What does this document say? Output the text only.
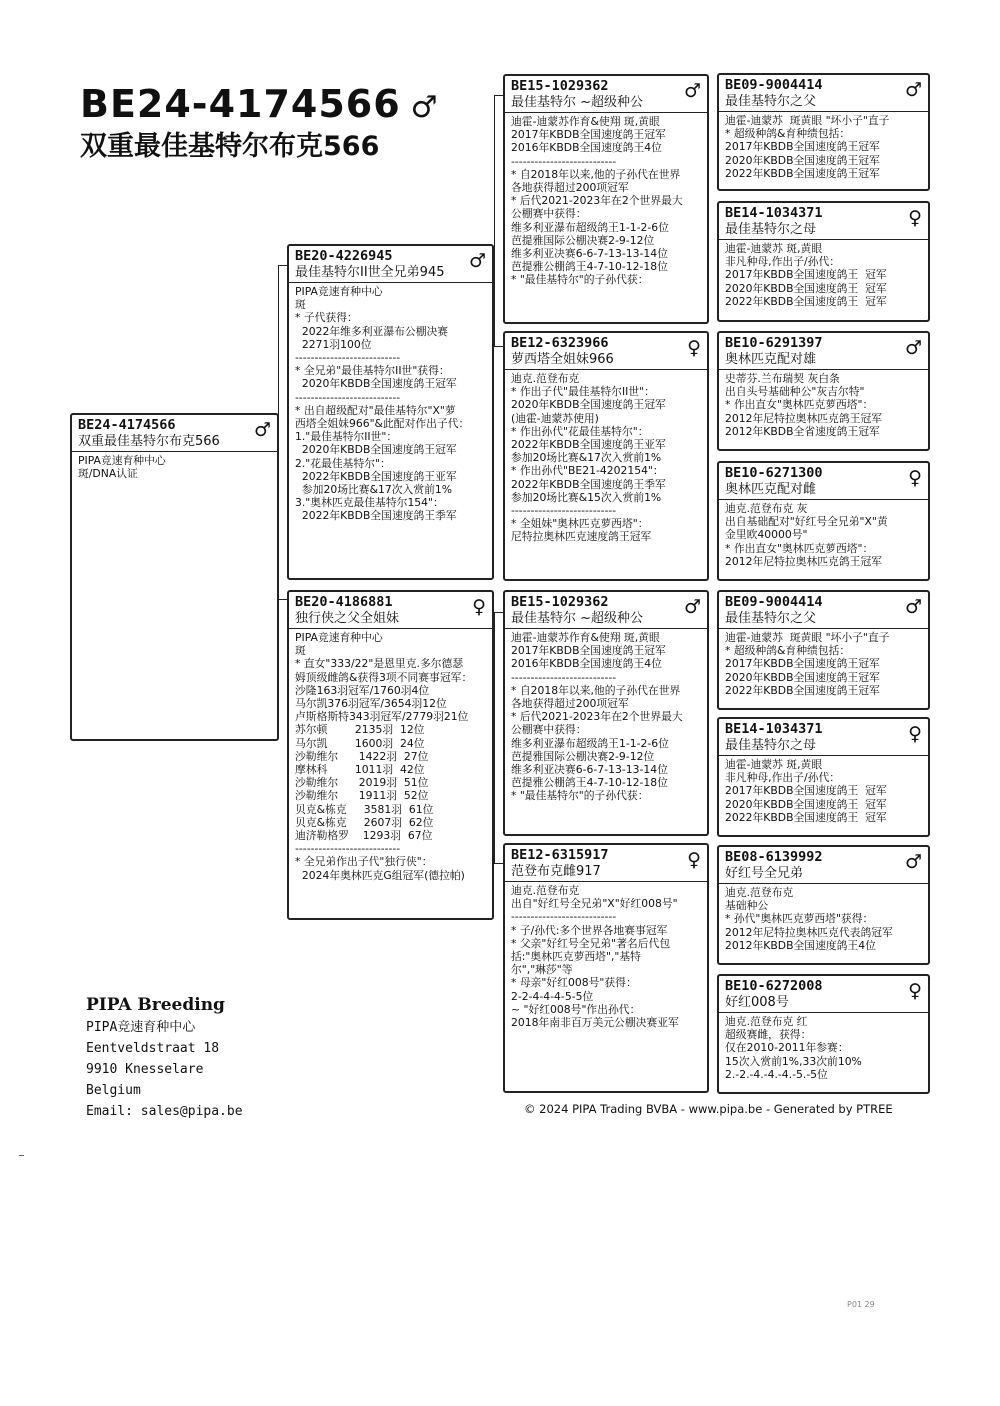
BE24-4174566 ♂
双重最佳基特尔布克566
BE24-4174566
双重最佳基特尔布克566
♂
PIPA竞速育种中心
斑/DNA认证
BE20-4226945
最佳基特尔II世全兄弟945
♂
PIPA竞速育种中心
斑
* 子代获得：
2022年维多利亚瀑布公棚决赛
2271羽100位
---------------------------
* 全兄弟"最佳基特尔II世"获得：
2020年KBDB全国速度鸽王冠军
---------------------------
* 出自超级配对"最佳基特尔"X"萝
西塔全姐妹966"&此配对作出子代：
1."最佳基特尔II世"：
2020年KBDB全国速度鸽王冠军
2."花最佳基特尔"：
2022年KBDB全国速度鸽王亚军
参加20场比赛&17次入赏前1%
3."奥林匹克最佳基特尔154"：
2022年KBDB全国速度鸽王季军
BE20-4186881
独行侠之父全姐妹
♀
PIPA竞速育种中心
斑
* 直女"333/22"是恩里克.多尔德瑟
姆顶级雌鸽&获得3项不同赛事冠军：
沙隆163羽冠军/1760羽4位
马尔凯376羽冠军/3654羽12位
卢斯格斯特343羽冠军/2779羽21位
苏尔顿        2135羽  12位
马尔凯        1600羽  24位
沙勒维尔      1422羽  27位
摩林科        1011羽  42位
沙勒维尔      2019羽  51位
沙勒维尔      1911羽  52位
贝克&栋克     3581羽  61位
贝克&栋克     2607羽  62位
迪济勒格罗    1293羽  67位
---------------------------
* 全兄弟作出子代"独行侠"：
2024年奥林匹克G组冠军(德拉帕)
BE15-1029362
最佳基特尔 ~超级种公
♂
迪霍-迪蒙苏作育&使翔 斑,黄眼
2017年KBDB全国速度鸽王冠军
2016年KBDB全国速度鸽王4位
---------------------------
* 自2018年以来,他的子孙代在世界
各地获得超过200项冠军
* 后代2021-2023年在2个世界最大
公棚赛中获得：
维多利亚瀑布超级鸽王1-1-2-6位
芭提雅国际公棚决赛2-9-12位
维多利亚决赛6-6-7-13-13-14位
芭提雅公棚鸽王4-7-10-12-18位
* "最佳基特尔"的子孙代获：
BE12-6323966
萝西塔全姐妹966
♀
迪克.范登布克
* 作出子代"最佳基特尔II世"：
2020年KBDB全国速度鸽王冠军
(迪霍-迪蒙苏使用)
* 作出孙代"花最佳基特尔"：
2022年KBDB全国速度鸽王亚军
参加20场比赛&17次入赏前1%
* 作出孙代"BE21-4202154"：
2022年KBDB全国速度鸽王季军
参加20场比赛&15次入赏前1%
---------------------------
* 全姐妹"奥林匹克萝西塔"：
尼特拉奥林匹克速度鸽王冠军
BE15-1029362
最佳基特尔 ~超级种公
♂
迪霍-迪蒙苏作育&使翔 斑,黄眼
2017年KBDB全国速度鸽王冠军
2016年KBDB全国速度鸽王4位
---------------------------
* 自2018年以来,他的子孙代在世界
各地获得超过200项冠军
* 后代2021-2023年在2个世界最大
公棚赛中获得：
维多利亚瀑布超级鸽王1-1-2-6位
芭提雅国际公棚决赛2-9-12位
维多利亚决赛6-6-7-13-13-14位
芭提雅公棚鸽王4-7-10-12-18位
* "最佳基特尔"的子孙代获：
BE12-6315917
范登布克雌917
♀
迪克.范登布克
出自"好红号全兄弟"X"好红008号"
---------------------------
* 子/孙代:多个世界各地赛事冠军
* 父亲"好红号全兄弟"著名后代包
括:"奥林匹克萝西塔","基特
尔","琳莎"等
* 母亲"好红008号"获得：
2-2-4-4-4-5-5位
~ "好红008号"作出孙代：
2018年南非百万美元公棚决赛亚军
BE09-9004414
最佳基特尔之父
♂
迪霍-迪蒙苏  斑黄眼 "坏小子"直子
* 超级种鸽&育种绩包括：
2017年KBDB全国速度鸽王冠军
2020年KBDB全国速度鸽王冠军
2022年KBDB全国速度鸽王冠军
BE14-1034371
最佳基特尔之母
♀
迪霍-迪蒙苏 斑,黄眼
非凡种母,作出子/孙代：
2017年KBDB全国速度鸽王  冠军
2020年KBDB全国速度鸽王  冠军
2022年KBDB全国速度鸽王  冠军
BE10-6291397
奥林匹克配对雄
♂
史蒂芬.兰布瑞契 灰白条
出自头号基础种公"灰吉尔特"
* 作出直女"奥林匹克萝西塔"：
2012年尼特拉奥林匹克鸽王冠军
2012年KBDB全省速度鸽王冠军
BE10-6271300
奥林匹克配对雌
♀
迪克.范登布克 灰
出自基础配对"好红号全兄弟"X"黄
金里欧40000号"
* 作出直女"奥林匹克萝西塔"：
2012年尼特拉奥林匹克鸽王冠军
BE09-9004414
最佳基特尔之父
♂
迪霍-迪蒙苏  斑黄眼 "坏小子"直子
* 超级种鸽&育种绩包括：
2017年KBDB全国速度鸽王冠军
2020年KBDB全国速度鸽王冠军
2022年KBDB全国速度鸽王冠军
BE14-1034371
最佳基特尔之母
♀
迪霍-迪蒙苏 斑,黄眼
非凡种母,作出子/孙代：
2017年KBDB全国速度鸽王  冠军
2020年KBDB全国速度鸽王  冠军
2022年KBDB全国速度鸽王  冠军
BE08-6139992
好红号全兄弟
♂
迪克.范登布克
基础种公
* 孙代"奥林匹克萝西塔"获得：
2012年尼特拉奥林匹克代表鸽冠军
2012年KBDB全国速度鸽王4位
BE10-6272008
好红008号
♀
迪克.范登布克 红
超级赛雌，获得：
仅在2010-2011年参赛：
15次入赏前1%,33次前10%
2.-2.-4.-4.-4.-5.-5位
PIPA Breeding
PIPA竞速育种中心
Eentveldstraat 18
9910 Knesselare
Belgium
Email: sales@pipa.be	© 2024 PIPA Trading BVBA - www.pipa.be - Generated by PTREE
P01 29
